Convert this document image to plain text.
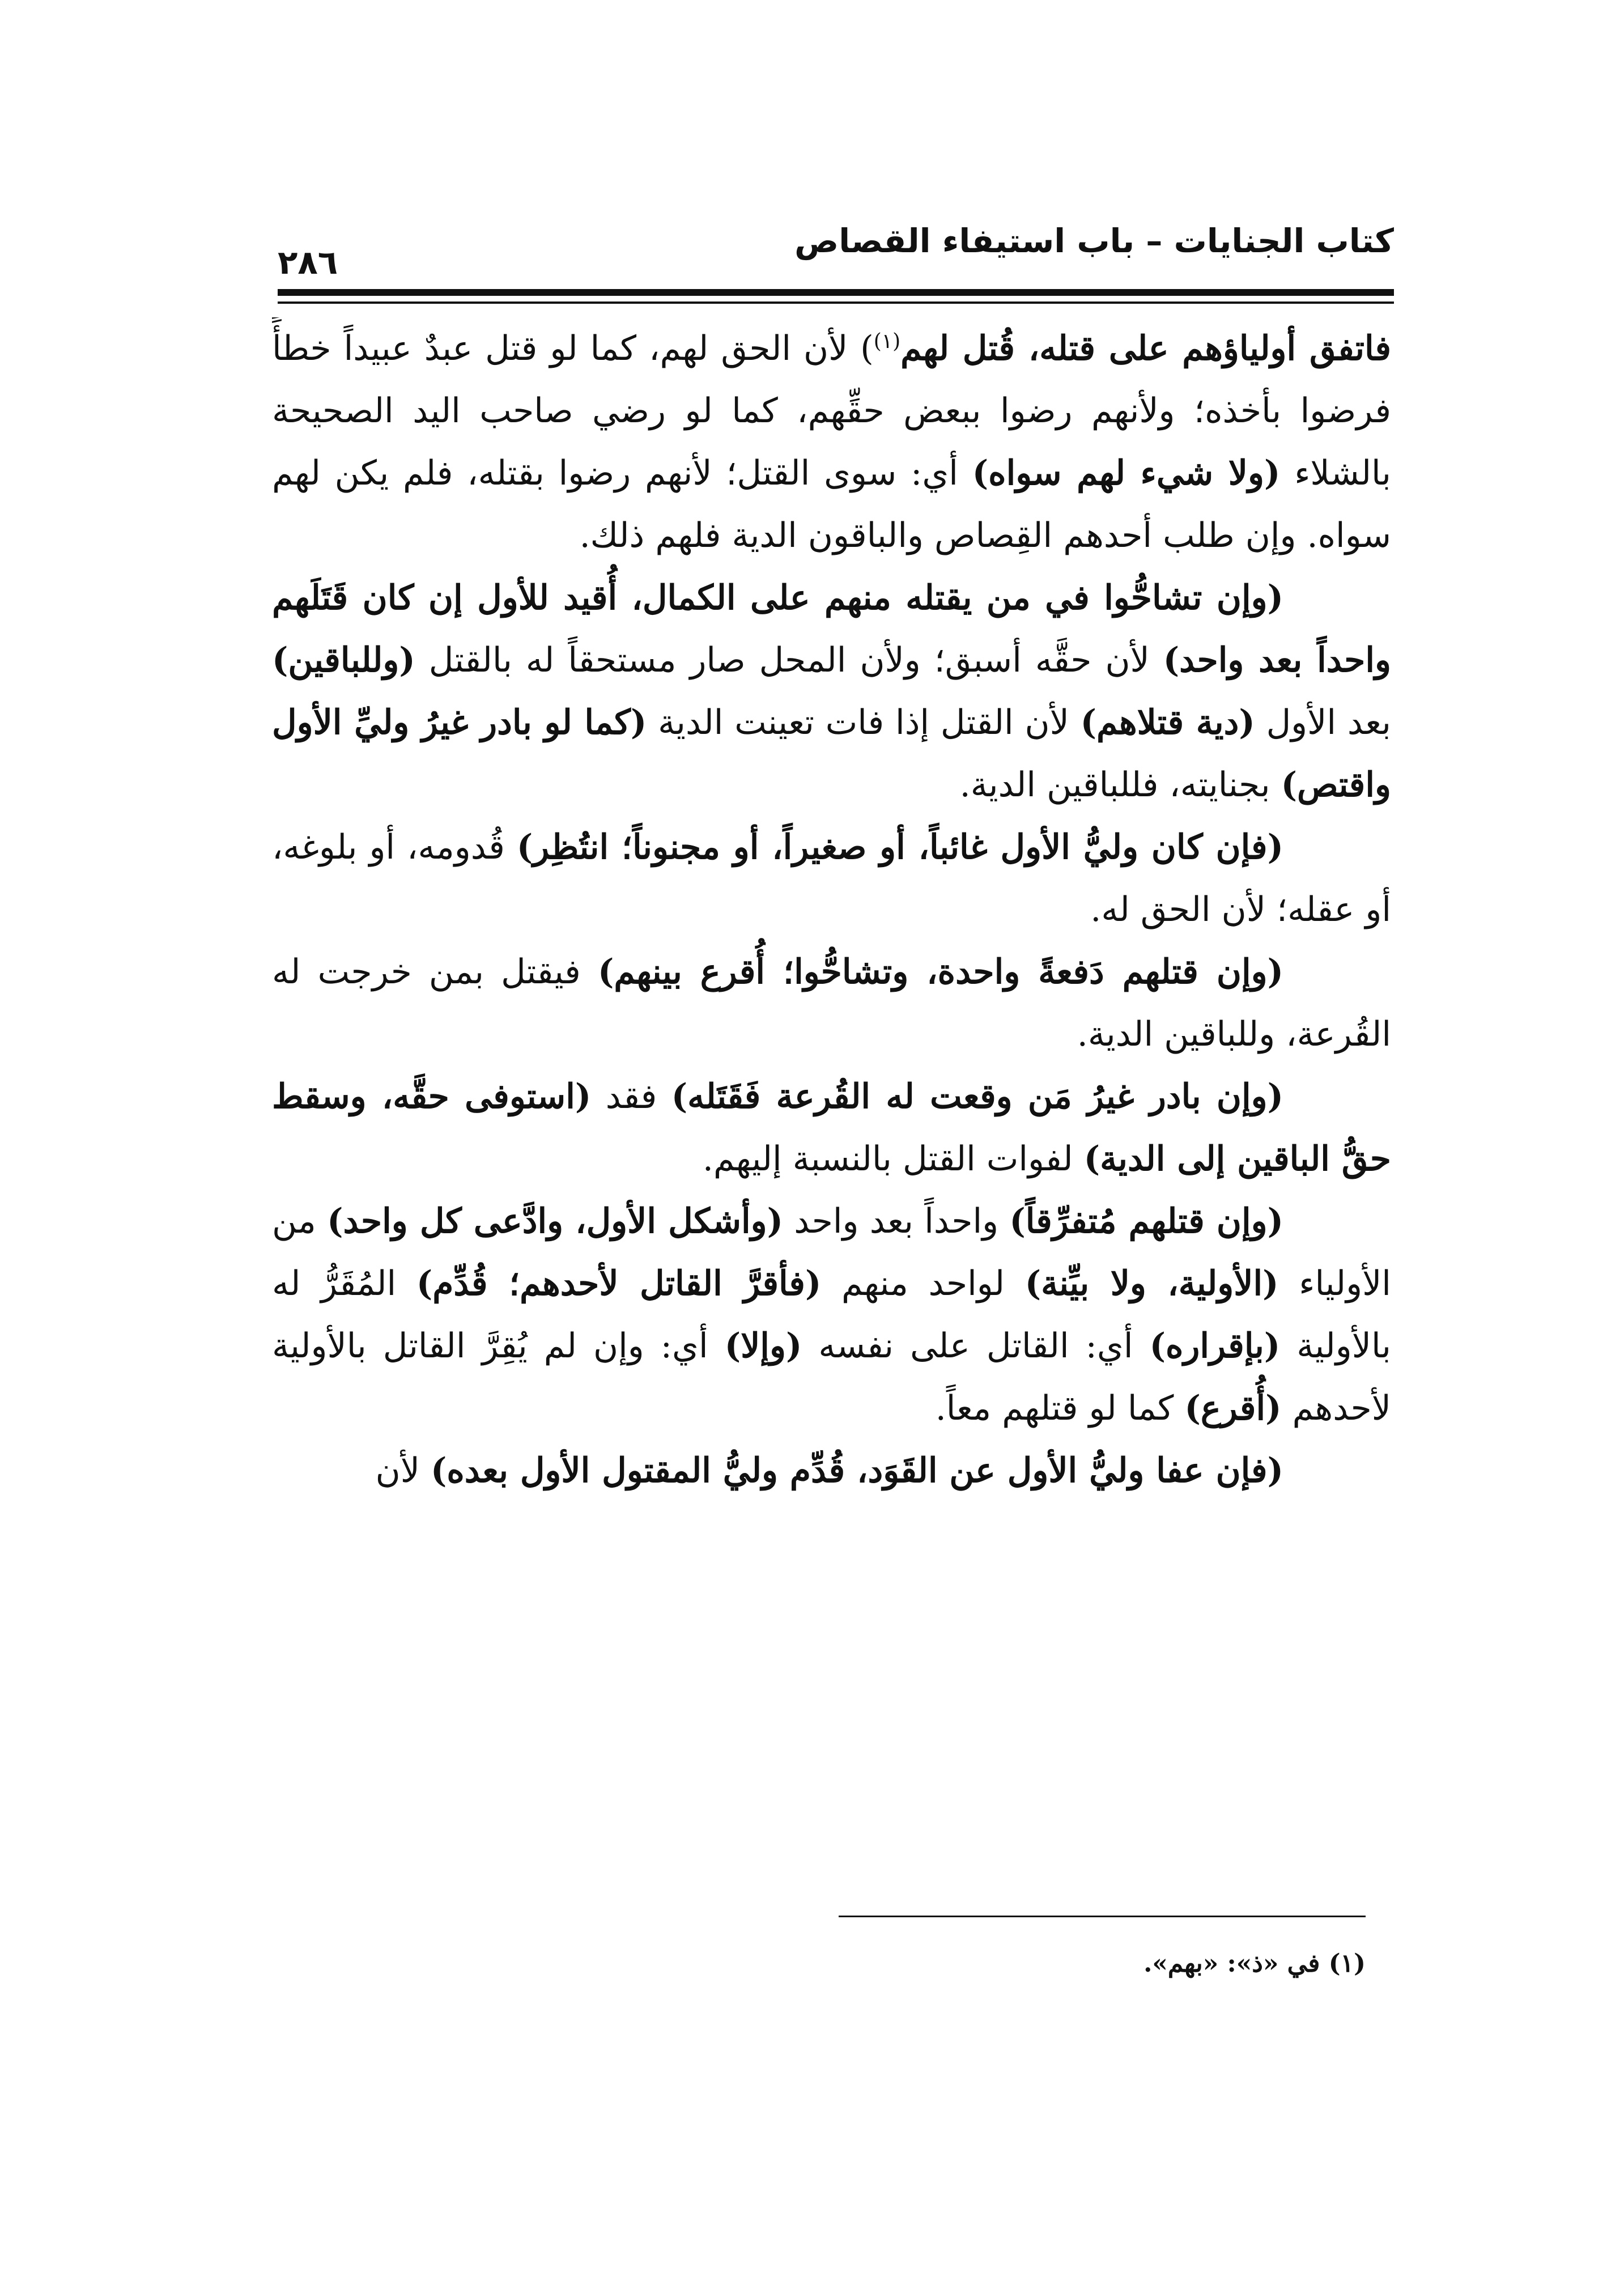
كتاب الجنايات – باب استيفاء القصاص
٢٨٦

فاتفق أولياؤهم على قتله، قُتل لهم$^{(١)}$) لأن الحق لهم، كما لو قتل عبدٌ عبيداً خطأً فرضوا بأخذه؛ ولأنهم رضوا ببعض حقِّهم، كما لو رضي صاحب اليد الصحيحة بالشلاء (ولا شيء لهم سواه) أي: سوى القتل؛ لأنهم رضوا بقتله، فلم يكن لهم سواه. وإن طلب أحدهم القِصاص والباقون الدية فلهم ذلك.

(وإن تشاحُّوا في من يقتله منهم على الكمال، أُقيد للأول إن كان قَتَلَهم واحداً بعد واحد) لأن حقَّه أسبق؛ ولأن المحل صار مستحقاً له بالقتل (وللباقين) بعد الأول (دية قتلاهم) لأن القتل إذا فات تعينت الدية (كما لو بادر غيرُ وليِّ الأول واقتص) بجنايته، فللباقين الدية.

(فإن كان وليُّ الأول غائباً، أو صغيراً، أو مجنوناً؛ انتُظِر) قُدومه، أو بلوغه، أو عقله؛ لأن الحق له.

(وإن قتلهم دَفعةً واحدة، وتشاحُّوا؛ أُقرع بينهم) فيقتل بمن خرجت له القُرعة، وللباقين الدية.

(وإن بادر غيرُ مَن وقعت له القُرعة فَقَتَله) فقد (استوفى حقَّه، وسقط حقُّ الباقين إلى الدية) لفوات القتل بالنسبة إليهم.

(وإن قتلهم مُتفرِّقاً) واحداً بعد واحد (وأشكل الأول، وادَّعى كل واحد) من الأولياء (الأولية، ولا بيِّنة) لواحد منهم (فأقرَّ القاتل لأحدهم؛ قُدِّم) المُقَرُّ له بالأولية (بإقراره) أي: القاتل على نفسه (وإلا) أي: وإن لم يُقِرَّ القاتل بالأولية لأحدهم (أُقرع) كما لو قتلهم معاً.

(فإن عفا وليُّ الأول عن القَوَد، قُدِّم وليُّ المقتول الأول بعده) لأن

(١) في «ذ»: «بهم».
